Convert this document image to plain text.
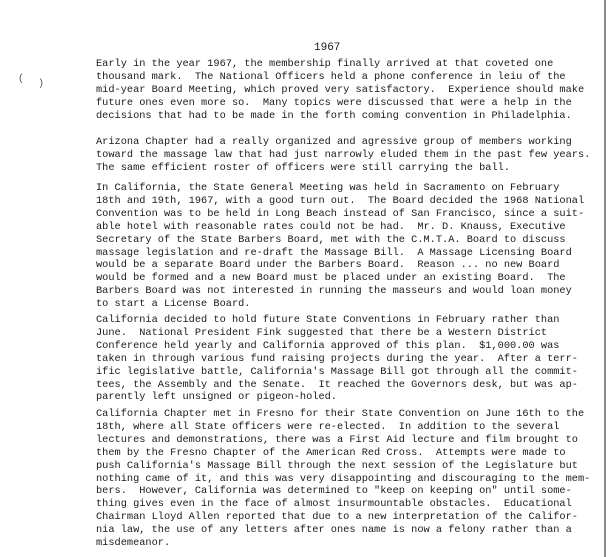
( )
1967
Early in the year 1967, the membership finally arrived at that coveted one
thousand mark.  The National Officers held a phone conference in leiu of the
mid-year Board Meeting, which proved very satisfactory.  Experience should make
future ones even more so.  Many topics were discussed that were a help in the
decisions that had to be made in the forth coming convention in Philadelphia.
Arizona Chapter had a really organized and agressive group of members working
toward the massage law that had just narrowly eluded them in the past few years.
The same efficient roster of officers were still carrying the ball.
In California, the State General Meeting was held in Sacramento on February
18th and 19th, 1967, with a good turn out.  The Board decided the 1968 National
Convention was to be held in Long Beach instead of San Francisco, since a suit-
able hotel with reasonable rates could not be had.  Mr. D. Knauss, Executive
Secretary of the State Barbers Board, met with the C.M.T.A. Board to discuss
massage legislation and re-draft the Massage Bill.  A Massage Licensing Board
would be a separate Board under the Barbers Board.  Reason ... no new Board
would be formed and a new Board must be placed under an existing Board.  The
Barbers Board was not interested in running the masseurs and would loan money
to start a License Board.
California decided to hold future State Conventions in February rather than
June.  National President Fink suggested that there be a Western District
Conference held yearly and California approved of this plan.  $1,000.00 was
taken in through various fund raising projects during the year.  After a terr-
ific legislative battle, California's Massage Bill got through all the commit-
tees, the Assembly and the Senate.  It reached the Governors desk, but was ap-
parently left unsigned or pigeon-holed.
California Chapter met in Fresno for their State Convention on June 16th to the
18th, where all State officers were re-elected.  In addition to the several
lectures and demonstrations, there was a First Aid lecture and film brought to
them by the Fresno Chapter of the American Red Cross.  Attempts were made to
push California's Massage Bill through the next session of the Legislature but
nothing came of it, and this was very disappointing and discouraging to the mem-
bers.  However, California was determined to "keep on keeping on" until some-
thing gives even in the face of almost insurmountable obstacles.  Educational
Chairman Lloyd Allen reported that due to a new interpretation of the Califor-
nia law, the use of any letters after ones name is now a felony rather than a
misdemeanor.
